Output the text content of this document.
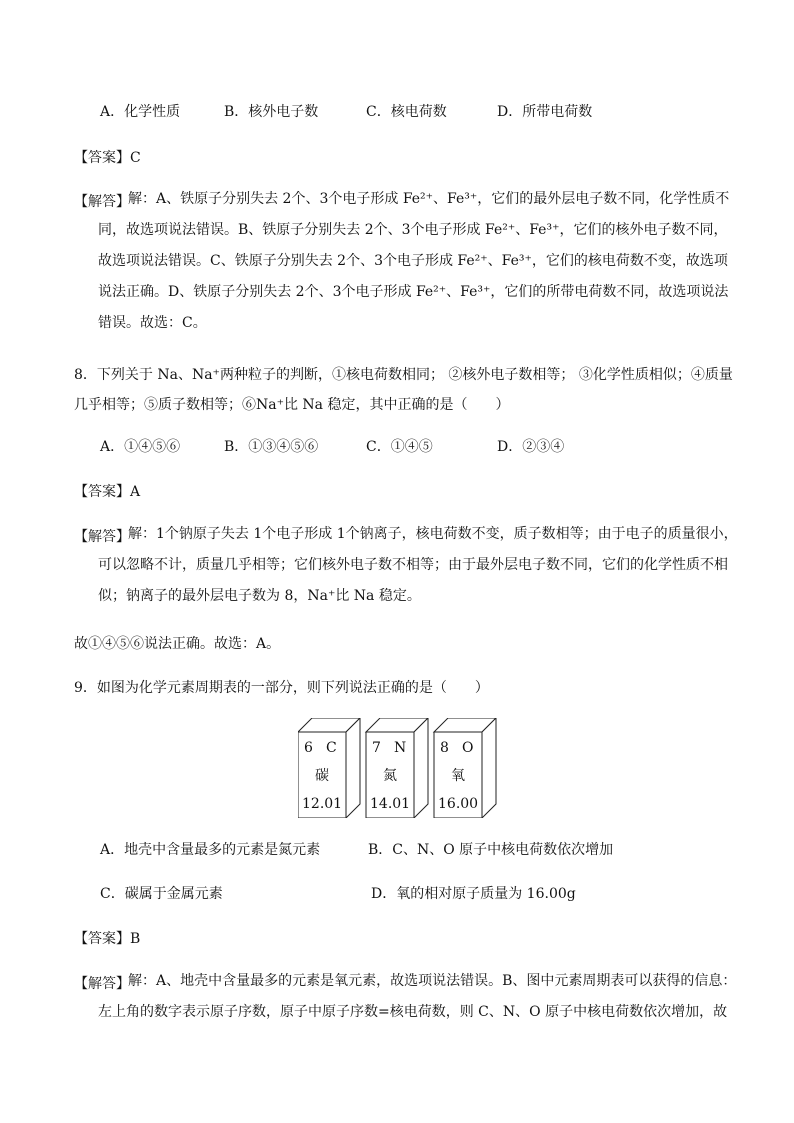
A．化学性质	B．核外电子数	C．核电荷数	D．所带电荷数
【答案】C
【解答】
解：A、铁原子分别失去 2个、3个电子形成 Fe²⁺、Fe³⁺，它们的最外层电子数不同，化学性质不同，故选项说法错误。B、铁原子分别失去 2个、3个电子形成 Fe²⁺、Fe³⁺，它们的核外电子数不同，故选项说法错误。C、铁原子分别失去 2个、3个电子形成 Fe²⁺、Fe³⁺，它们的核电荷数不变，故选项说法正确。D、铁原子分别失去 2个、3个电子形成 Fe²⁺、Fe³⁺，它们的所带电荷数不同，故选项说法错误。故选：C。
8．下列关于 Na、Na⁺两种粒子的判断，①核电荷数相同； ②核外电子数相等； ③化学性质相似；④质量几乎相等；⑤质子数相等；⑥Na⁺比 Na 稳定，其中正确的是（　　）
A．①④⑤⑥	B．①③④⑤⑥	C．①④⑤	D．②③④
【答案】A
【解答】
解：1个钠原子失去 1个电子形成 1个钠离子，核电荷数不变，质子数相等；由于电子的质量很小，可以忽略不计，质量几乎相等；它们核外电子数不相等；由于最外层电子数不同，它们的化学性质不相似；钠离子的最外层电子数为 8，Na⁺比 Na 稳定。
故①④⑤⑥说法正确。故选：A。
9．如图为化学元素周期表的一部分，则下列说法正确的是（　　）
6 C
碳
12.01
7 N
氮
14.01
8 O
氧
16.00
A．地壳中含量最多的元素是氮元素	B．C、N、O 原子中核电荷数依次增加
C．碳属于金属元素	D．氧的相对原子质量为 16.00g
【答案】B
【解答】
解：A、地壳中含量最多的元素是氧元素，故选项说法错误。B、图中元素周期表可以获得的信息：左上角的数字表示原子序数，原子中原子序数=核电荷数，则 C、N、O 原子中核电荷数依次增加，故
